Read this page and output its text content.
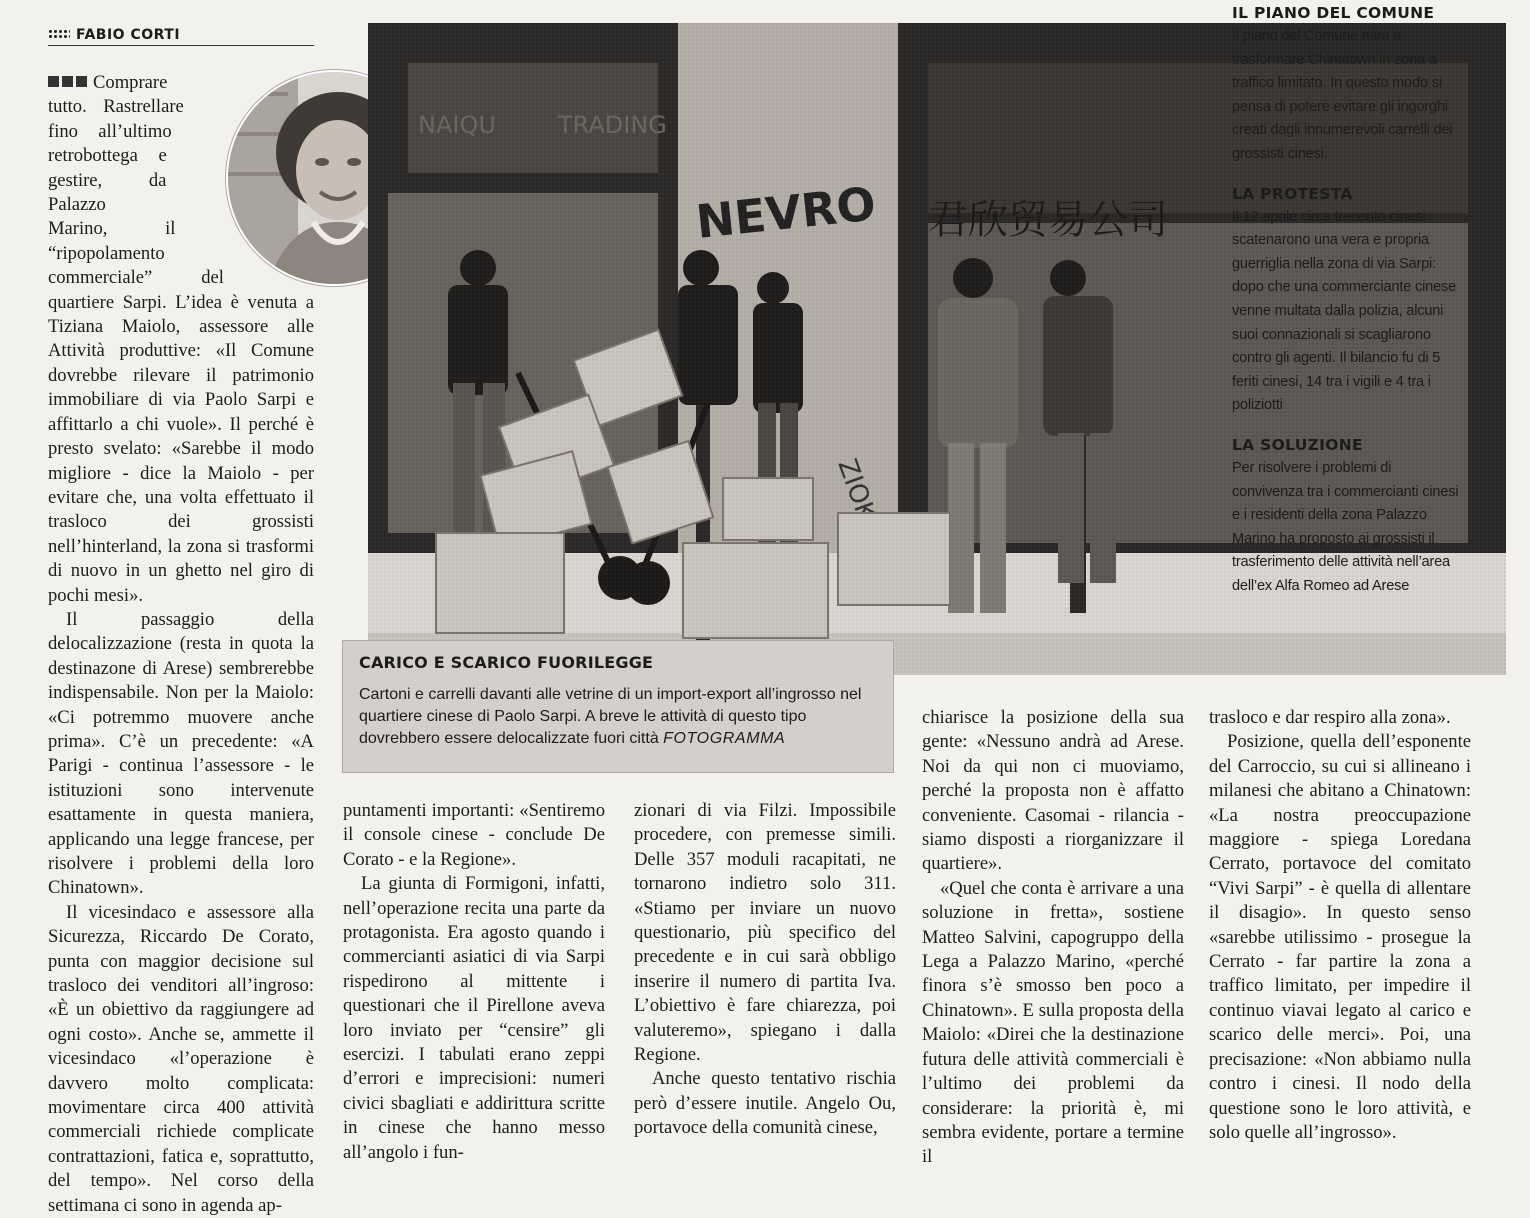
FABIO CORTI

Comprare tutto. Rastrellare fino all’ultimo retrobottega e gestire, da Palazzo Marino, il “ripopolamento commerciale” del quartiere Sarpi. L’idea è venuta a Tiziana Maiolo, assessore alle Attività produttive: «Il Comune dovrebbe rilevare il patrimonio immobiliare di via Paolo Sarpi e affittarlo a chi vuole». Il perché è presto svelato: «Sarebbe il modo migliore - dice la Maiolo - per evitare che, una volta effettuato il trasloco dei grossisti nell’hinterland, la zona si trasformi di nuovo in un ghetto nel giro di pochi mesi».

Il passaggio della delocalizzazione (resta in quota la destinazone di Arese) sembrerebbe indispensabile. Non per la Maiolo: «Ci potremmo muovere anche prima». C’è un precedente: «A Parigi - continua l’assessore - le istituzioni sono intervenute esattamente in questa maniera, applicando una legge francese, per risolvere i problemi della loro Chinatown».

Il vicesindaco e assessore alla Sicurezza, Riccardo De Corato, punta con maggior decisione sul trasloco dei venditori all’ingroso: «È un obiettivo da raggiungere ad ogni costo». Anche se, ammette il vicesindaco «l’operazione è davvero molto complicata: movimentare circa 400 attività commerciali richiede complicate contrattazioni, fatica e, soprattutto, del tempo». Nel corso della settimana ci sono in agenda ap-

CARICO E SCARICO FUORILEGGE
Cartoni e carrelli davanti alle vetrine di un import-export all’ingrosso nel quartiere cinese di Paolo Sarpi. A breve le attività di questo tipo dovrebbero essere delocalizzate fuori città FOTOGRAMMA

puntamenti importanti: «Sentiremo il console cinese - conclude De Corato - e la Regione».

La giunta di Formigoni, infatti, nell’operazione recita una parte da protagonista. Era agosto quando i commercianti asiatici di via Sarpi rispedirono al mittente i questionari che il Pirellone aveva loro inviato per “censire” gli esercizi. I tabulati erano zeppi d’errori e imprecisioni: numeri civici sbagliati e addirittura scritte in cinese che hanno messo all’angolo i fun-

zionari di via Filzi. Impossibile procedere, con premesse simili. Delle 357 moduli racapitati, ne tornarono indietro solo 311. «Stiamo per inviare un nuovo questionario, più specifico del precedente e in cui sarà obbligo inserire il numero di partita Iva. L’obiettivo è fare chiarezza, poi valuteremo», spiegano i dalla Regione.

Anche questo tentativo rischia però d’essere inutile. Angelo Ou, portavoce della comunità cinese,

chiarisce la posizione della sua gente: «Nessuno andrà ad Arese. Noi da qui non ci muoviamo, perché la proposta non è affatto conveniente. Casomai - rilancia - siamo disposti a riorganizzare il quartiere».

«Quel che conta è arrivare a una soluzione in fretta», sostiene Matteo Salvini, capogruppo della Lega a Palazzo Marino, «perché finora s’è smosso ben poco a Chinatown». E sulla proposta della Maiolo: «Direi che la destinazione futura delle attività commerciali è l’ultimo dei problemi da considerare: la priorità è, mi sembra evidente, portare a termine il

trasloco e dar respiro alla zona».

Posizione, quella dell’esponente del Carroccio, su cui si allineano i milanesi che abitano a Chinatown: «La nostra preoccupazione maggiore - spiega Loredana Cerrato, portavoce del comitato “Vivi Sarpi” - è quella di allentare il disagio». In questo senso «sarebbe utilissimo - prosegue la Cerrato - far partire la zona a traffico limitato, per impedire il continuo viavai legato al carico e scarico delle merci». Poi, una precisazione: «Non abbiamo nulla contro i cinesi. Il nodo della questione sono le loro attività, e solo quelle all’ingrosso».

IL PIANO DEL COMUNE

Il piano del Comune mira a trasformare Chinatown in zona a traffico limitato. In questo modo si pensa di potere evitare gli ingorghi creati dagli innumerevoli carrelli dei grossisti cinesi.

LA PROTESTA

Il 12 aprile circa trecento cinesi scatenarono una vera e propria guerriglia nella zona di via Sarpi: dopo che una commerciante cinese venne multata dalla polizia, alcuni suoi connazionali si scagliarono contro gli agenti. Il bilancio fu di 5 feriti cinesi, 14 tra i vigili e 4 tra i poliziotti

LA SOLUZIONE

Per risolvere i problemi di convivenza tra i commercianti cinesi e i residenti della zona Palazzo Marino ha proposto ai grossisti il trasferimento delle attività nell’area dell’ex Alfa Romeo ad Arese
